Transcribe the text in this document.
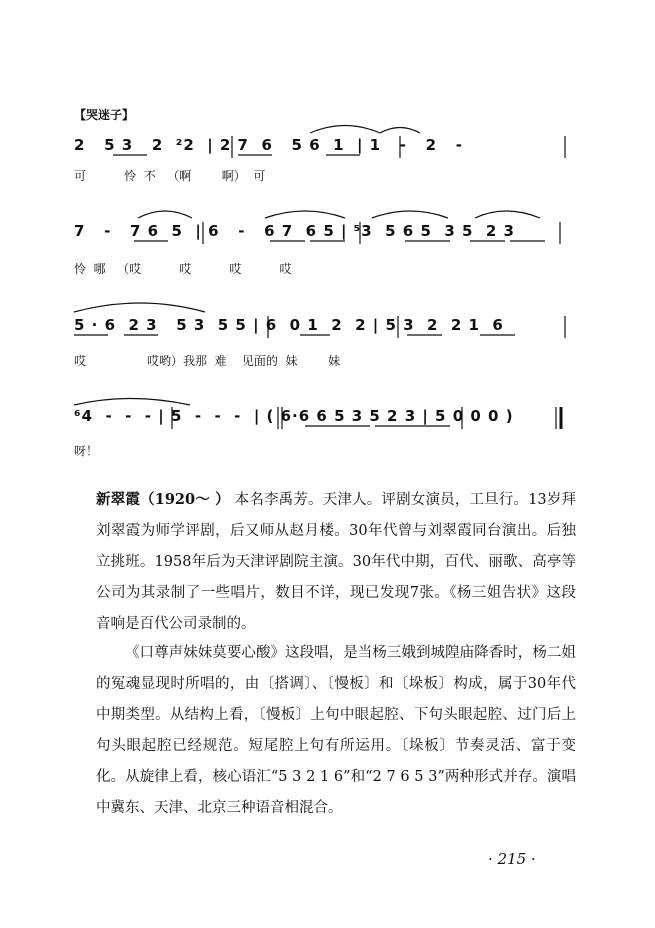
【哭迷子】
2   5 3   2  ²2  | 2 7  6   5 6  1  | 1   -   2   -
可          怜  不   （啊        啊）  可
7   -   7 6  5  | 6   -   6 7  6 5 | ⁵3  5 6 5  3 5  2 3
怜  哪   （哎          哎          哎          哎
5 · 6  2 3   5 3  5 5 | 6  0 1  2  2 | 5 3  2  2 1  6
哎                哎哟）我那  难    见面的  妹        妹
⁶4  -  -  - | 5  -  -  -  | ( 6·6 6 5 3 5 2 3 | 5 0 0 0 )
呀！
新翠霞（1920～ ） 本名李禹芳。天津人。评剧女演员，工旦行。13岁拜刘翠霞为师学评剧，后又师从赵月楼。30年代曾与刘翠霞同台演出。后独立挑班。1958年后为天津评剧院主演。30年代中期，百代、丽歌、高亭等公司为其录制了一些唱片，数目不详，现已发现7张。《杨三姐告状》这段音响是百代公司录制的。
《口尊声妹妹莫要心酸》这段唱，是当杨三娥到城隍庙降香时，杨二姐的冤魂显现时所唱的，由〔搭调〕、〔慢板〕和〔垛板〕构成，属于30年代中期类型。从结构上看，〔慢板〕上句中眼起腔、下句头眼起腔、过门后上句头眼起腔已经规范。短尾腔上句有所运用。〔垛板〕节奏灵活、富于变化。从旋律上看，核心语汇“5 3 2 1 6”和“2 7 6 5 3”两种形式并存。演唱中冀东、天津、北京三种语音相混合。
· 215 ·
